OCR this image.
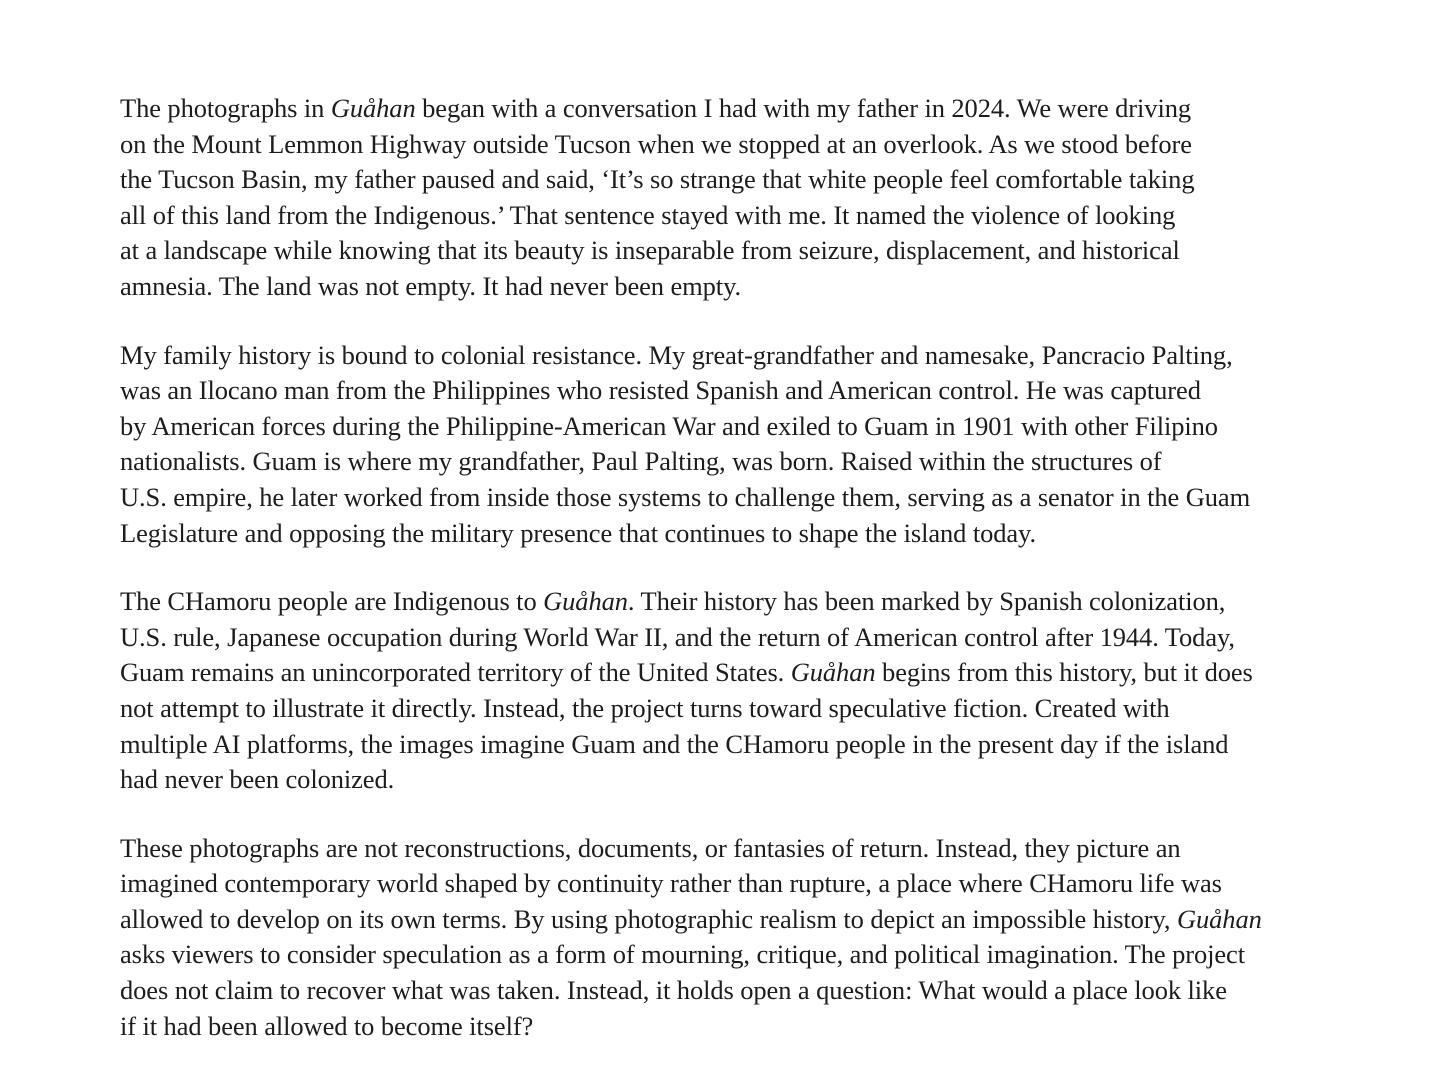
The photographs in Guåhan began with a conversation I had with my father in 2024. We were driving
on the Mount Lemmon Highway outside Tucson when we stopped at an overlook. As we stood before
the Tucson Basin, my father paused and said, ‘It’s so strange that white people feel comfortable taking
all of this land from the Indigenous.’ That sentence stayed with me. It named the violence of looking
at a landscape while knowing that its beauty is inseparable from seizure, displacement, and historical
amnesia. The land was not empty. It had never been empty.

My family history is bound to colonial resistance. My great-grandfather and namesake, Pancracio Palting,
was an Ilocano man from the Philippines who resisted Spanish and American control. He was captured
by American forces during the Philippine-American War and exiled to Guam in 1901 with other Filipino
nationalists. Guam is where my grandfather, Paul Palting, was born. Raised within the structures of
U.S. empire, he later worked from inside those systems to challenge them, serving as a senator in the Guam
Legislature and opposing the military presence that continues to shape the island today.

The CHamoru people are Indigenous to Guåhan. Their history has been marked by Spanish colonization,
U.S. rule, Japanese occupation during World War II, and the return of American control after 1944. Today,
Guam remains an unincorporated territory of the United States. Guåhan begins from this history, but it does
not attempt to illustrate it directly. Instead, the project turns toward speculative fiction. Created with
multiple AI platforms, the images imagine Guam and the CHamoru people in the present day if the island
had never been colonized.

These photographs are not reconstructions, documents, or fantasies of return. Instead, they picture an
imagined contemporary world shaped by continuity rather than rupture, a place where CHamoru life was
allowed to develop on its own terms. By using photographic realism to depict an impossible history, Guåhan
asks viewers to consider speculation as a form of mourning, critique, and political imagination. The project
does not claim to recover what was taken. Instead, it holds open a question: What would a place look like
if it had been allowed to become itself?
